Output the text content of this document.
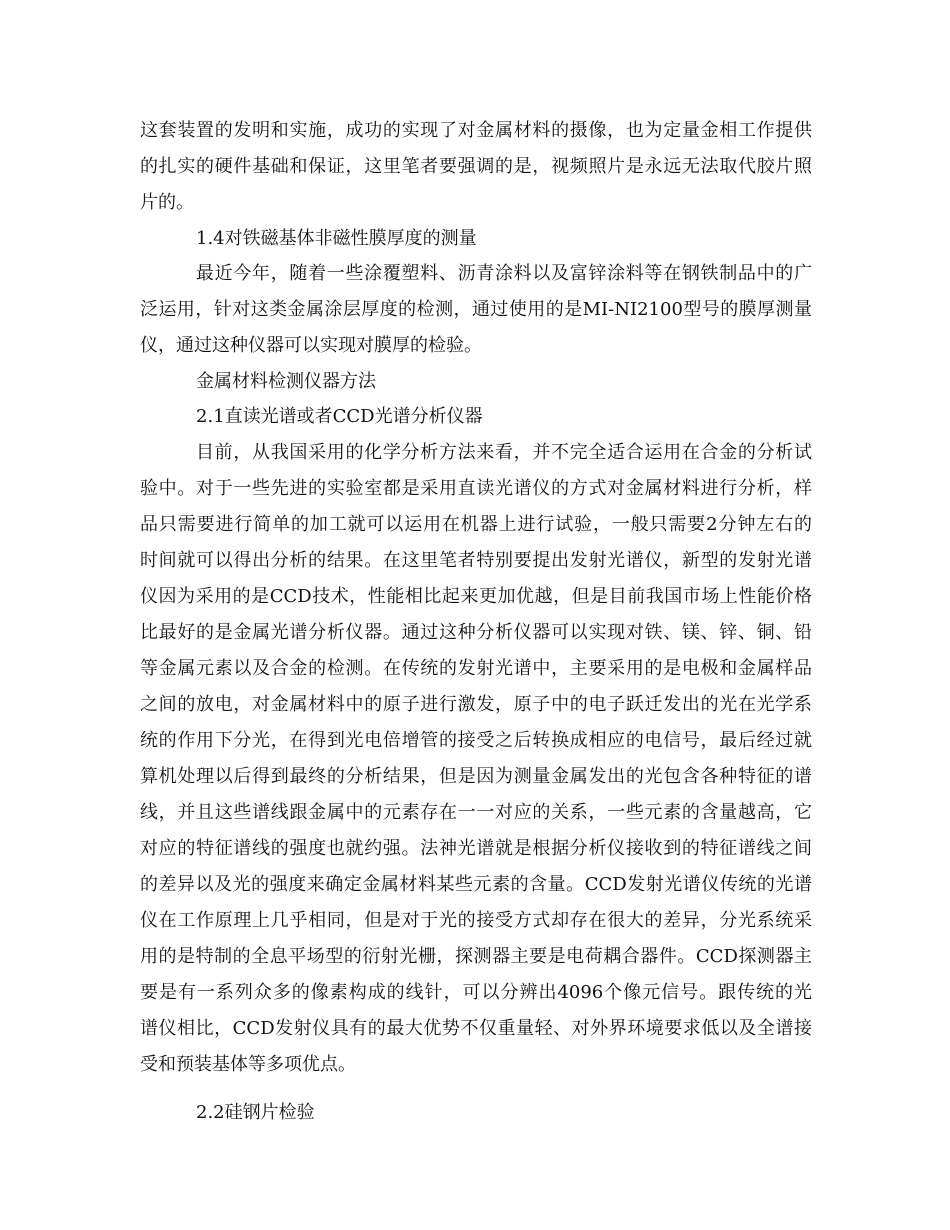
这套装置的发明和实施，成功的实现了对金属材料的摄像，也为定量金相工作提供
的扎实的硬件基础和保证，这里笔者要强调的是，视频照片是永远无法取代胶片照
片的。
1.4对铁磁基体非磁性膜厚度的测量
最近今年，随着一些涂覆塑料、沥青涂料以及富锌涂料等在钢铁制品中的广
泛运用，针对这类金属涂层厚度的检测，通过使用的是MI-NI2100型号的膜厚测量
仪，通过这种仪器可以实现对膜厚的检验。
金属材料检测仪器方法
2.1直读光谱或者CCD光谱分析仪器
目前，从我国采用的化学分析方法来看，并不完全适合运用在合金的分析试
验中。对于一些先进的实验室都是采用直读光谱仪的方式对金属材料进行分析，样
品只需要进行简单的加工就可以运用在机器上进行试验，一般只需要2分钟左右的
时间就可以得出分析的结果。在这里笔者特别要提出发射光谱仪，新型的发射光谱
仪因为采用的是CCD技术，性能相比起来更加优越，但是目前我国市场上性能价格
比最好的是金属光谱分析仪器。通过这种分析仪器可以实现对铁、镁、锌、铜、铅
等金属元素以及合金的检测。在传统的发射光谱中，主要采用的是电极和金属样品
之间的放电，对金属材料中的原子进行激发，原子中的电子跃迁发出的光在光学系
统的作用下分光，在得到光电倍增管的接受之后转换成相应的电信号，最后经过就
算机处理以后得到最终的分析结果，但是因为测量金属发出的光包含各种特征的谱
线，并且这些谱线跟金属中的元素存在一一对应的关系，一些元素的含量越高，它
对应的特征谱线的强度也就约强。法神光谱就是根据分析仪接收到的特征谱线之间
的差异以及光的强度来确定金属材料某些元素的含量。CCD发射光谱仪传统的光谱
仪在工作原理上几乎相同，但是对于光的接受方式却存在很大的差异，分光系统采
用的是特制的全息平场型的衍射光栅，探测器主要是电荷耦合器件。CCD探测器主
要是有一系列众多的像素构成的线针，可以分辨出4096个像元信号。跟传统的光
谱仪相比，CCD发射仪具有的最大优势不仅重量轻、对外界环境要求低以及全谱接
受和预装基体等多项优点。
2.2硅钢片检验
